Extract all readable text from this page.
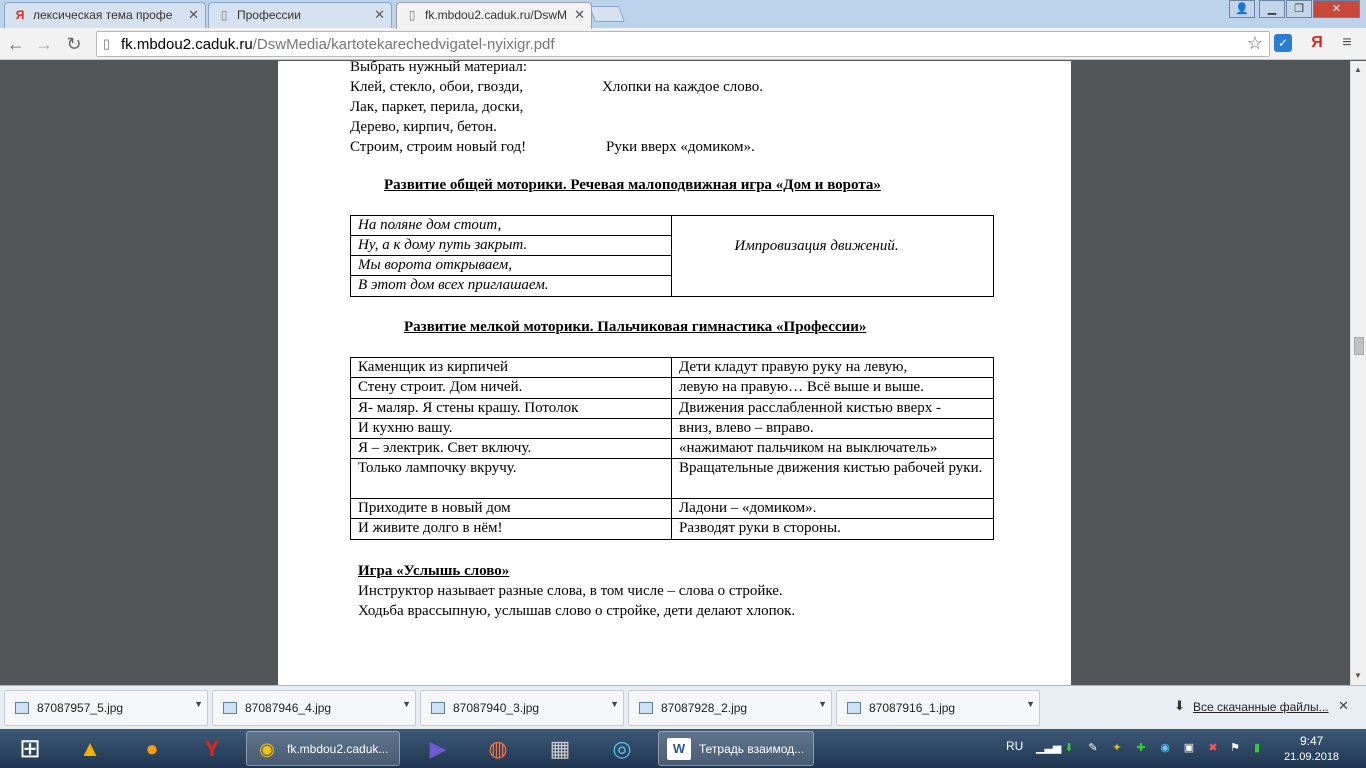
Я лексическая тема профе ✕	▯ Профессии	✕	▯ fk.mbdou2.caduk.ru/DswM ✕	👤	▁	❐	✕
← → ↻	▯ fk.mbdou2.caduk.ru/DswMedia/kartotekarechedvigatel-nyixigr.pdf	☆	✓	Я	≡
Выбрать нужный материал:
Клей, стекло, обои, гвозди,	Хлопки на каждое слово.
Лак, паркет, перила, доски,
Дерево, кирпич, бетон.
Строим, строим новый год!	Руки вверх «домиком».
Развитие общей моторики. Речевая малоподвижная игра «Дом и ворота»
На поляне дом стоит,	Импровизация движений.
Ну, а к дому путь закрыт.
Мы ворота открываем,
В этот дом всех приглашаем.
Развитие мелкой моторики. Пальчиковая гимнастика «Профессии»
Каменщик из кирпичей	Дети кладут правую руку на левую,
Стену строит. Дом ничей.	левую на правую… Всё выше и выше.
Я- маляр. Я стены крашу. Потолок	Движения расслабленной кистью вверх -
И кухню вашу.	вниз, влево – вправо.
Я – электрик. Свет включу.	«нажимают пальчиком на выключатель»
Только лампочку вкручу.	Вращательные движения кистью рабочей руки.
Приходите в новый дом	Ладони – «домиком».
И живите долго в нём!	Разводят руки в стороны.
Игра «Услышь слово»
Инструктор называет разные слова, в том числе – слова о стройке.
Ходьба врассыпную, услышав слово о стройке, дети делают хлопок.
▲
▼
87087957_5.jpg	▼	87087946_4.jpg	▼	87087940_3.jpg	▼	87087928_2.jpg	▼	87087916_1.jpg	▼	⬇ Все скачанные файлы... ✕
⊞	▲	●	Y	◉	fk.mbdou2.caduk...	▶	◍	▦	◎	W	Тетрадь взаимод...	RU ▁▃▅ ⬇ ✎ ✦ ✚ ◉ ▣ ✖ ⚑	▮	9:47
21.09.2018
